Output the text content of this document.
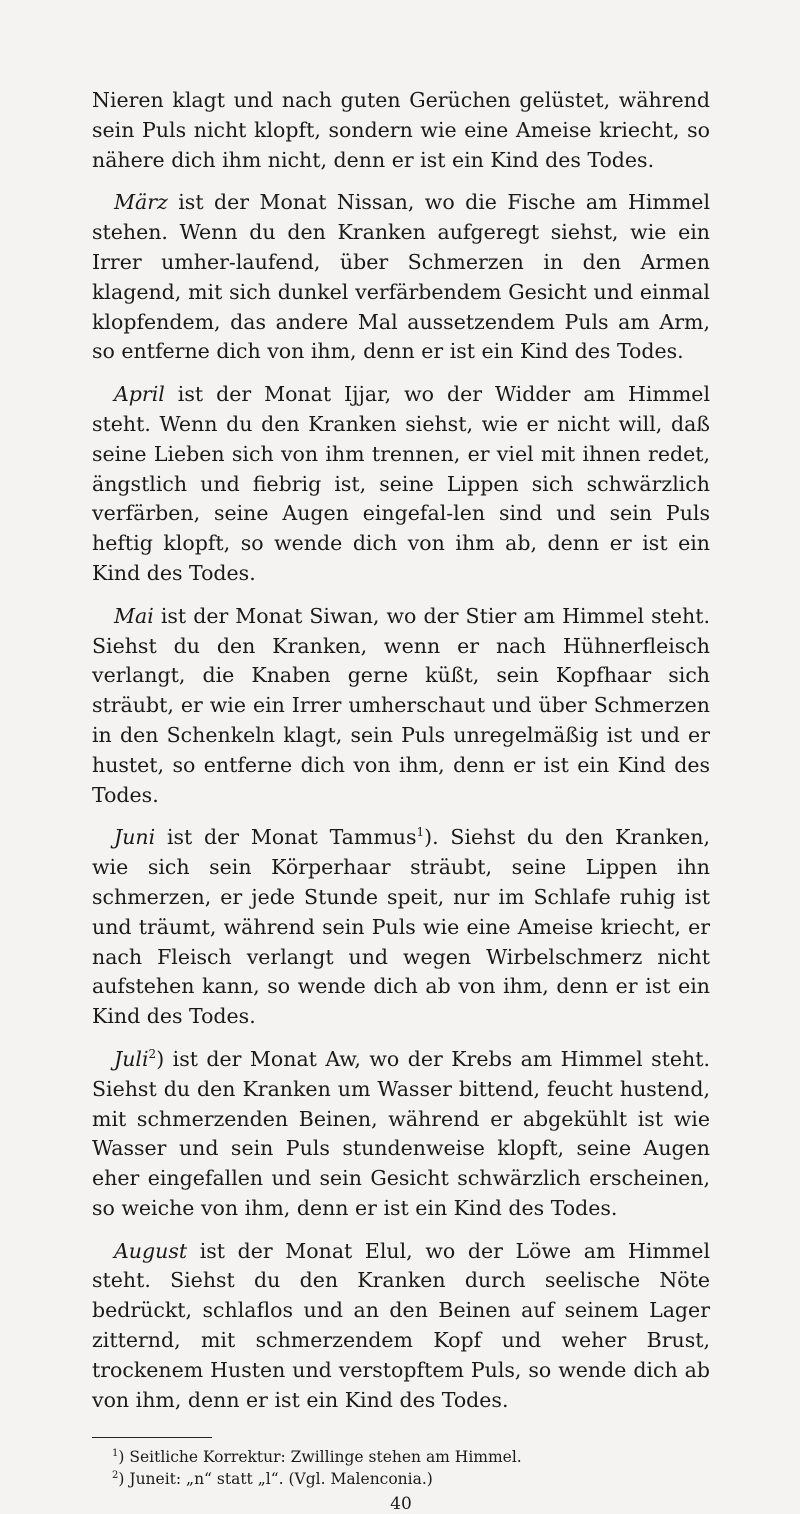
Nieren klagt und nach guten Gerüchen gelüstet, während sein Puls nicht klopft, sondern wie eine Ameise kriecht, so nähere dich ihm nicht, denn er ist ein Kind des Todes.

März ist der Monat Nissan, wo die Fische am Himmel stehen. Wenn du den Kranken aufgeregt siehst, wie ein Irrer umher-laufend, über Schmerzen in den Armen klagend, mit sich dunkel verfärbendem Gesicht und einmal klopfendem, das andere Mal aussetzendem Puls am Arm, so entferne dich von ihm, denn er ist ein Kind des Todes.

April ist der Monat Ijjar, wo der Widder am Himmel steht. Wenn du den Kranken siehst, wie er nicht will, daß seine Lieben sich von ihm trennen, er viel mit ihnen redet, ängstlich und fiebrig ist, seine Lippen sich schwärzlich verfärben, seine Augen eingefal-len sind und sein Puls heftig klopft, so wende dich von ihm ab, denn er ist ein Kind des Todes.

Mai ist der Monat Siwan, wo der Stier am Himmel steht. Siehst du den Kranken, wenn er nach Hühnerfleisch verlangt, die Knaben gerne küßt, sein Kopfhaar sich sträubt, er wie ein Irrer umherschaut und über Schmerzen in den Schenkeln klagt, sein Puls unregelmäßig ist und er hustet, so entferne dich von ihm, denn er ist ein Kind des Todes.

Juni ist der Monat Tammus$^1$). Siehst du den Kranken, wie sich sein Körperhaar sträubt, seine Lippen ihn schmerzen, er jede Stunde speit, nur im Schlafe ruhig ist und träumt, während sein Puls wie eine Ameise kriecht, er nach Fleisch verlangt und wegen Wirbelschmerz nicht aufstehen kann, so wende dich ab von ihm, denn er ist ein Kind des Todes.

Juli$^2$) ist der Monat Aw, wo der Krebs am Himmel steht. Siehst du den Kranken um Wasser bittend, feucht hustend, mit schmerzenden Beinen, während er abgekühlt ist wie Wasser und sein Puls stundenweise klopft, seine Augen eher eingefallen und sein Gesicht schwärzlich erscheinen, so weiche von ihm, denn er ist ein Kind des Todes.

August ist der Monat Elul, wo der Löwe am Himmel steht. Siehst du den Kranken durch seelische Nöte bedrückt, schlaflos und an den Beinen auf seinem Lager zitternd, mit schmerzendem Kopf und weher Brust, trockenem Husten und verstopftem Puls, so wende dich ab von ihm, denn er ist ein Kind des Todes.

$^1$) Seitliche Korrektur: Zwillinge stehen am Himmel.

$^2$) Juneit: „n“ statt „l“. (Vgl. Malenconia.)

40
